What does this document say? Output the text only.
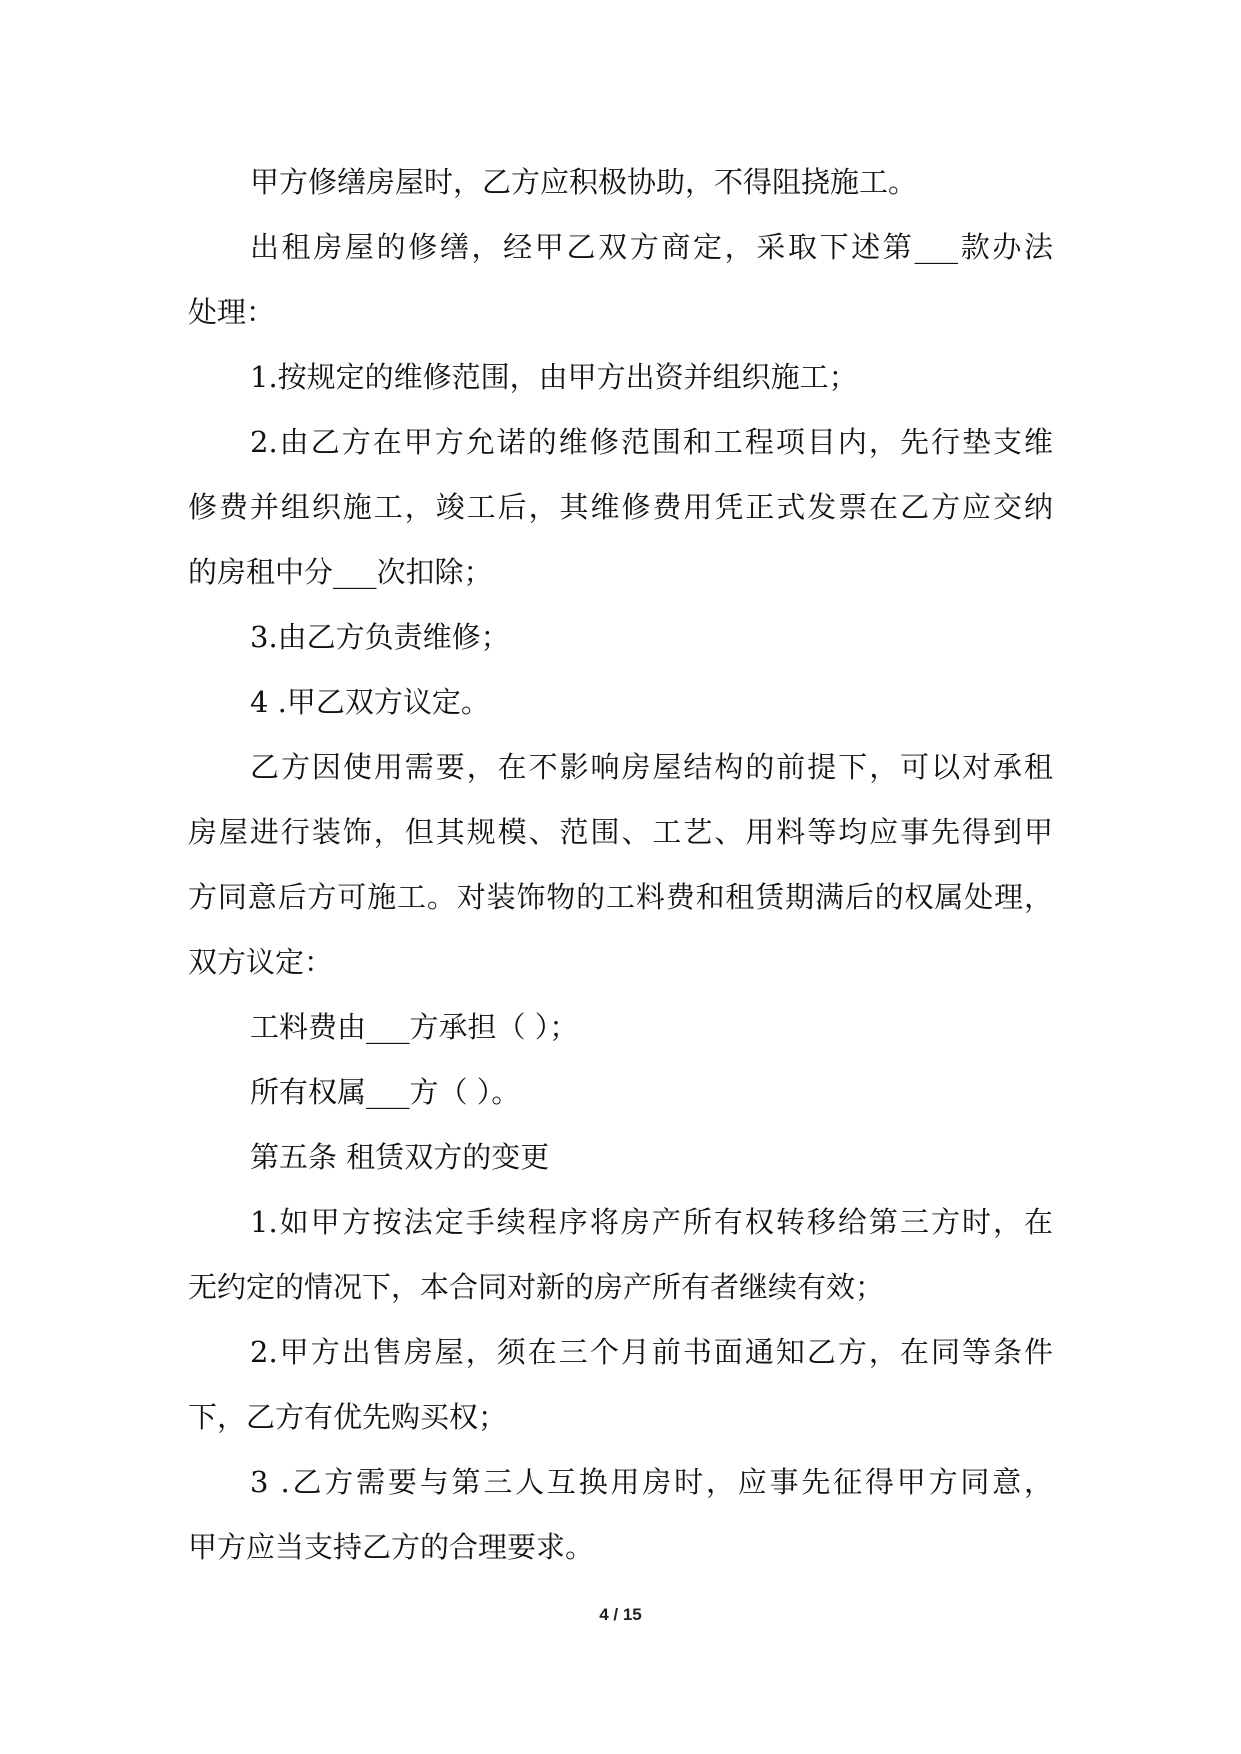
甲方修缮房屋时，乙方应积极协助，不得阻挠施工。
出租房屋的修缮，经甲乙双方商定，采取下述第___款办法
处理：
1.按规定的维修范围，由甲方出资并组织施工；
2.由乙方在甲方允诺的维修范围和工程项目内，先行垫支维
修费并组织施工，竣工后，其维修费用凭正式发票在乙方应交纳
的房租中分___次扣除；
3.由乙方负责维修；
4 .甲乙双方议定。
乙方因使用需要，在不影响房屋结构的前提下，可以对承租
房屋进行装饰，但其规模、范围、工艺、用料等均应事先得到甲
方同意后方可施工。对装饰物的工料费和租赁期满后的权属处理，
双方议定：
工料费由___方承担（ ）；
所有权属___方（ ）。
第五条 租赁双方的变更
1.如甲方按法定手续程序将房产所有权转移给第三方时，在
无约定的情况下，本合同对新的房产所有者继续有效；
2.甲方出售房屋，须在三个月前书面通知乙方，在同等条件
下，乙方有优先购买权；
3 .乙方需要与第三人互换用房时，应事先征得甲方同意，
甲方应当支持乙方的合理要求。
4 / 15
